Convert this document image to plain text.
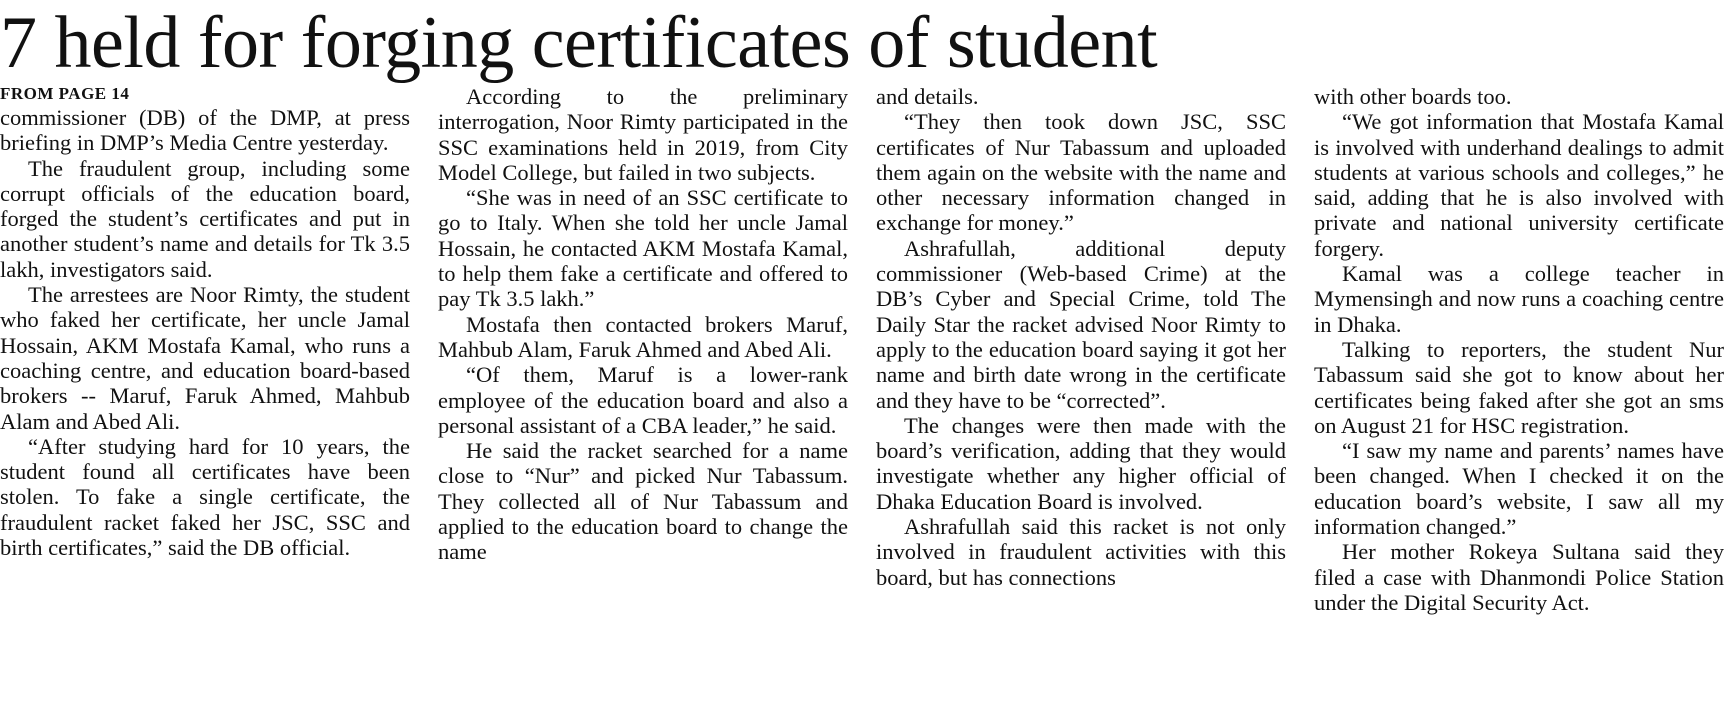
7 held for forging certificates of student
FROM PAGE 14

commissioner (DB) of the DMP, at press briefing in DMP’s Media Centre yesterday.

The fraudulent group, including some corrupt officials of the education board, forged the student’s certificates and put in another student’s name and details for Tk 3.5 lakh, investigators said.

The arrestees are Noor Rimty, the student who faked her certificate, her uncle Jamal Hossain, AKM Mostafa Kamal, who runs a coaching centre, and education board-based brokers -- Maruf, Faruk Ahmed, Mahbub Alam and Abed Ali.

“After studying hard for 10 years, the student found all certificates have been stolen. To fake a single certificate, the fraudulent racket faked her JSC, SSC and birth certificates,” said the DB official.

According to the preliminary interrogation, Noor Rimty participated in the SSC examinations held in 2019, from City Model College, but failed in two subjects.

“She was in need of an SSC certificate to go to Italy. When she told her uncle Jamal Hossain, he contacted AKM Mostafa Kamal, to help them fake a certificate and offered to pay Tk 3.5 lakh.”

Mostafa then contacted brokers Maruf, Mahbub Alam, Faruk Ahmed and Abed Ali.

“Of them, Maruf is a lower-rank employee of the education board and also a personal assistant of a CBA leader,” he said.

He said the racket searched for a name close to “Nur” and picked Nur Tabassum. They collected all of Nur Tabassum and applied to the education board to change the name

and details.

“They then took down JSC, SSC certificates of Nur Tabassum and uploaded them again on the website with the name and other necessary information changed in exchange for money.”

Ashrafullah, additional deputy commissioner (Web-based Crime) at the DB’s Cyber and Special Crime, told The Daily Star the racket advised Noor Rimty to apply to the education board saying it got her name and birth date wrong in the certificate and they have to be “corrected”.

The changes were then made with the board’s verification, adding that they would investigate whether any higher official of Dhaka Education Board is involved.

Ashrafullah said this racket is not only involved in fraudulent activities with this board, but has connections

with other boards too.

“We got information that Mostafa Kamal is involved with underhand dealings to admit students at various schools and colleges,” he said, adding that he is also involved with private and national university certificate forgery.

Kamal was a college teacher in Mymensingh and now runs a coaching centre in Dhaka.

Talking to reporters, the student Nur Tabassum said she got to know about her certificates being faked after she got an sms on August 21 for HSC registration.

“I saw my name and parents’ names have been changed. When I checked it on the education board’s website, I saw all my information changed.”

Her mother Rokeya Sultana said they filed a case with Dhanmondi Police Station under the Digital Security Act.
